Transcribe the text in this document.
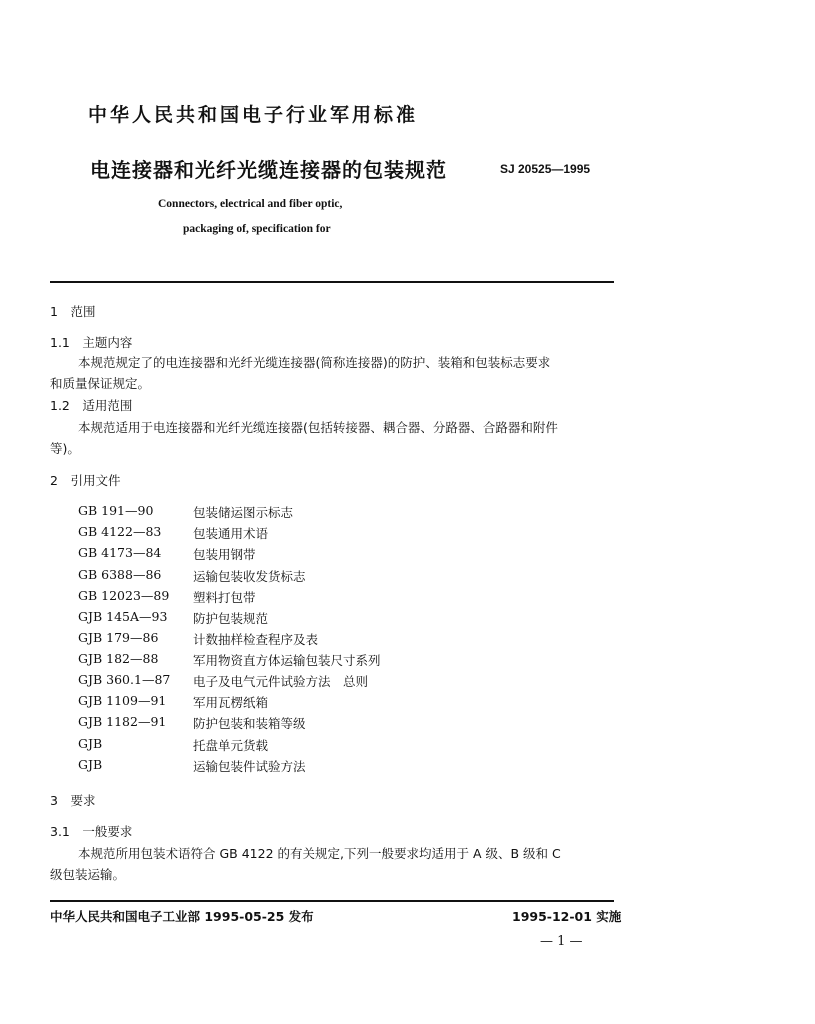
中华人民共和国电子行业军用标准
电连接器和光纤光缆连接器的包装规范	SJ 20525—1995
Connectors, electrical and fiber optic,
packaging of, specification for
1　范围
1.1　主题内容
本规范规定了的电连接器和光纤光缆连接器(简称连接器)的防护、装箱和包装标志要求
和质量保证规定。
1.2　适用范围
本规范适用于电连接器和光纤光缆连接器(包括转接器、耦合器、分路器、合路器和附件
等)。
2　引用文件
GB 191—90	包装储运图示标志
GB 4122—83	包装通用术语
GB 4173—84	包装用钢带
GB 6388—86	运输包装收发货标志
GB 12023—89 塑料打包带
GJB 145A—93 防护包装规范
GJB 179—86	计数抽样检查程序及表
GJB 182—88	军用物资直方体运输包装尺寸系列
GJB 360.1—87 电子及电气元件试验方法　总则
GJB 1109—91 军用瓦楞纸箱
GJB 1182—91 防护包装和装箱等级
GJB	托盘单元货载
GJB	运输包装件试验方法
3　要求
3.1　一般要求
本规范所用包装术语符合 GB 4122 的有关规定,下列一般要求均适用于 A 级、B 级和 C
级包装运输。
中华人民共和国电子工业部 1995-05-25 发布	1995-12-01 实施
— 1 —
